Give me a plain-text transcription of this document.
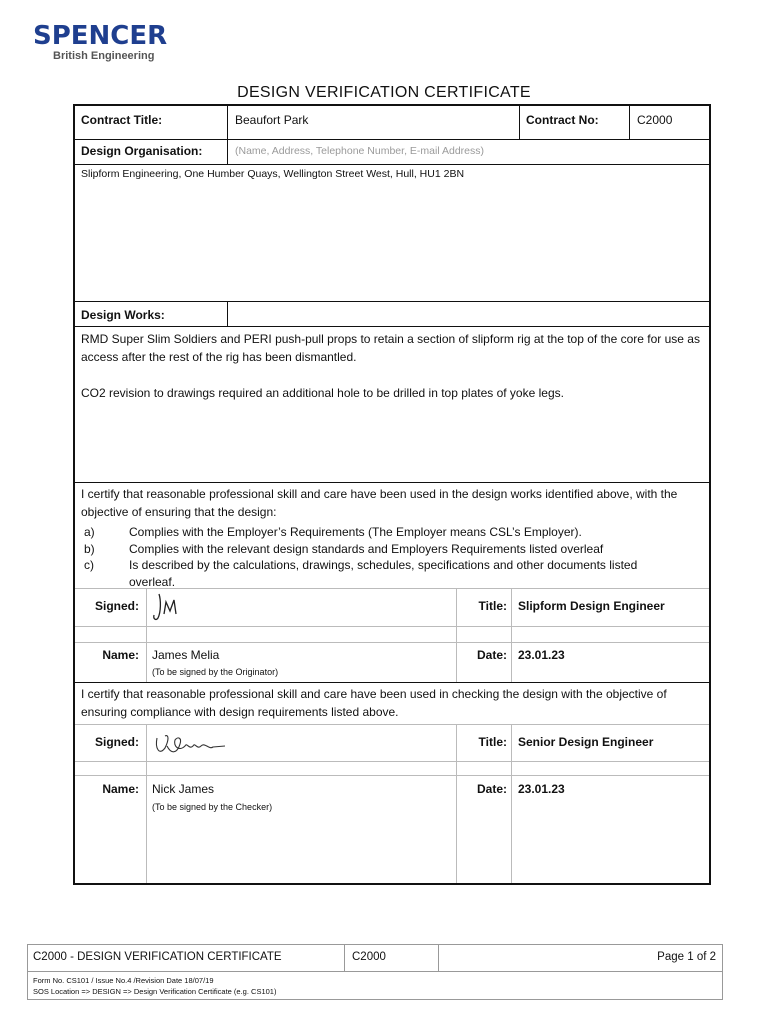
SPENCER
British Engineering
DESIGN VERIFICATION CERTIFICATE
Contract Title:	Beaufort Park	Contract No:	C2000
Design Organisation:	(Name, Address, Telephone Number, E-mail Address)
Slipform Engineering, One Humber Quays, Wellington Street West, Hull, HU1 2BN
Design Works:
RMD Super Slim Soldiers and PERI push-pull props to retain a section of slipform rig at the top of the core for use as access after the rest of the rig has been dismantled.
CO2 revision to drawings required an additional hole to be drilled in top plates of yoke legs.
I certify that reasonable professional skill and care have been used in the design works identified above, with the objective of ensuring that the design:
a)	Complies with the Employer’s Requirements (The Employer means CSL’s Employer).
b)	Complies with the relevant design standards and Employers Requirements listed overleaf
c)	Is described by the calculations, drawings, schedules, specifications and other documents listed overleaf.
Signed:	Title: Slipform Design Engineer
Name: James Melia	Date: 23.01.23
(To be signed by the Originator)
I certify that reasonable professional skill and care have been used in checking the design with the objective of ensuring compliance with design requirements listed above.
Signed:	Title: Senior Design Engineer
Name: Nick James	Date: 23.01.23
(To be signed by the Checker)
C2000 - DESIGN VERIFICATION CERTIFICATE	C2000	Page 1 of 2
Form No. CS101 / Issue No.4 /Revision Date 18/07/19
SOS Location => DESIGN => Design Verification Certificate (e.g. CS101)
